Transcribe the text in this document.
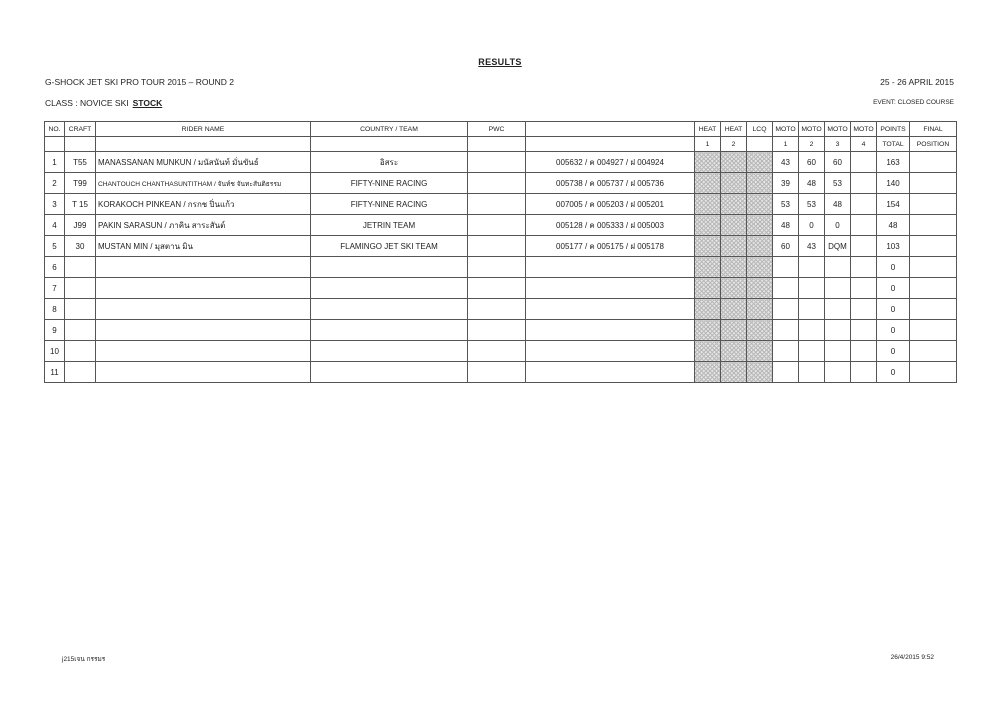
RESULTS
G-SHOCK JET SKI PRO TOUR 2015 – ROUND 2	25 - 26 APRIL 2015
CLASS : NOVICE SKI STOCK	EVENT: CLOSED COURSE
NO.	CRAFT	RIDER NAME	COUNTRY / TEAM	PWC		HEAT	HEAT	LCQ	MOTO	MOTO	MOTO	MOTO	POINTS	FINAL
						1	2		1	2	3	4	TOTAL	POSITION
1	T55	MANASSANAN MUNKUN / มนัสนันท์ มั่นขันธ์	อิสระ		005632 / ค 004927 / ฝ 004924				43	60	60		163	
2	T99	CHANTOUCH CHANTHASUNTITHAM / จันท์ช จันทะสันติธรรม	FIFTY-NINE RACING		005738 / ค 005737 / ฝ 005736				39	48	53		140	
3	T 15	KORAKOCH PINKEAN / กรกช ปิ่นแก้ว	FIFTY-NINE RACING		007005 / ค 005203 / ฝ 005201				53	53	48		154	
4	J99	PAKIN SARASUN / ภาคิน สาระสันต์	JETRIN TEAM		005128 / ค 005333 / ฝ 005003				48	0	0		48	
5	30	MUSTAN MIN / มุสตาน มิน	FLAMINGO JET SKI TEAM		005177 / ค 005175 / ฝ 005178				60	43	DQM		103	
6													0	
7													0	
8													0	
9													0	
10													0	
11													0	
j215เจน กรรมร	26/4/2015 9:52
